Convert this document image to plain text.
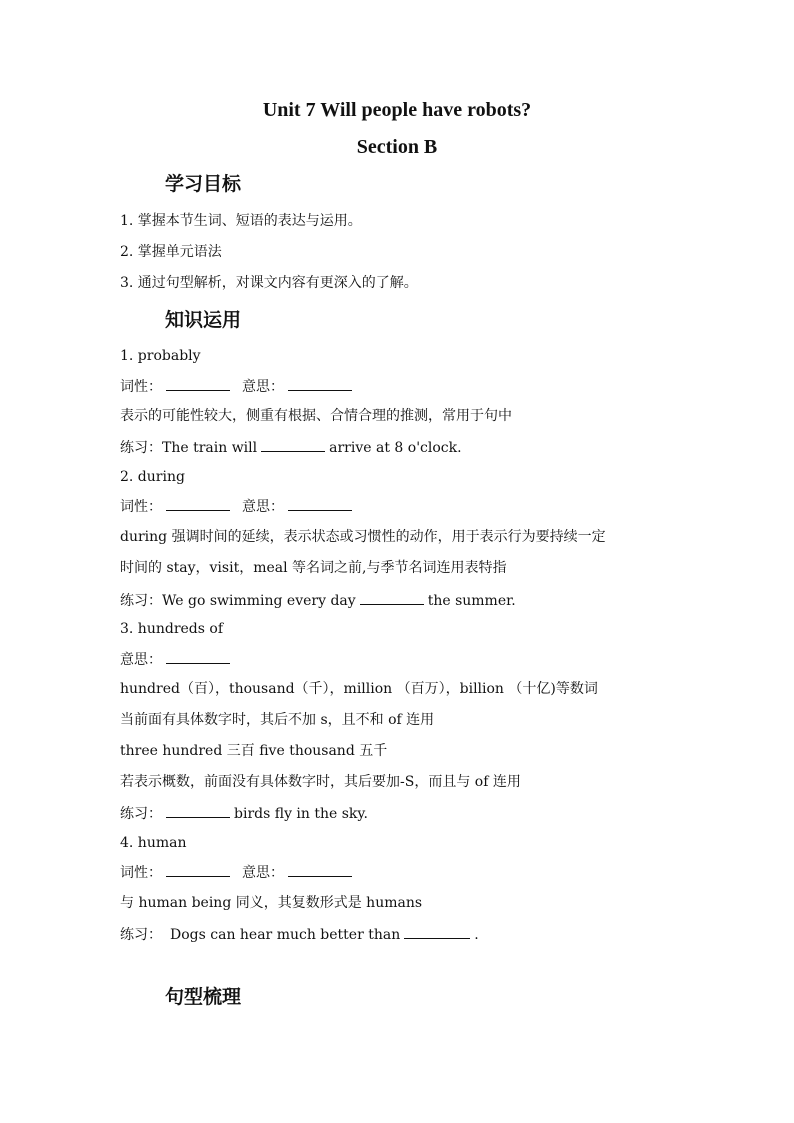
Unit 7 Will people have robots?
Section B
学习目标
1. 掌握本节生词、短语的表达与运用。
2. 掌握单元语法
3. 通过句型解析，对课文内容有更深入的了解。
知识运用
1. probably
词性：	意思：
表示的可能性较大，侧重有根据、合情合理的推测，常用于句中
练习：The train will	arrive at 8 o'clock.
2. during
词性：	意思：
during 强调时间的延续，表示状态或习惯性的动作，用于表示行为要持续一定
时间的 stay，visit，meal 等名词之前,与季节名词连用表特指
练习：We go swimming every day	the summer.
3. hundreds of
意思：
hundred（百），thousand（千），million （百万），billion （十亿)等数词
当前面有具体数字时，其后不加 s，且不和 of 连用
three hundred 三百 five thousand 五千
若表示概数，前面没有具体数字时，其后要加-S，而且与 of 连用
练习：	birds fly in the sky.
4. human
词性：	意思：
与 human being 同义，其复数形式是 humans
练习： Dogs can hear much better than	.
句型梳理
